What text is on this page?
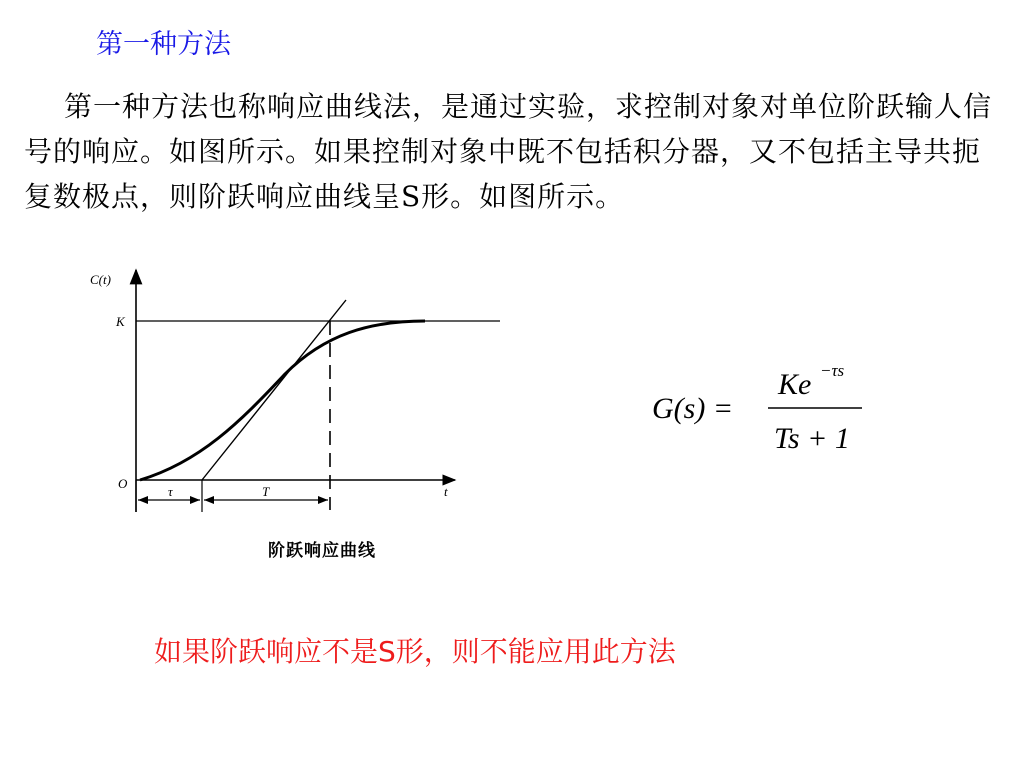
第一种方法
第一种方法也称响应曲线法，是通过实验，求控制对象对单位阶跃输人信号的响应。如图所示。如果控制对象中既不包括积分器，又不包括主导共扼复数极点，则阶跃响应曲线呈S形。如图所示。
C(t)
K
O
t
τ	T
阶跃响应曲线
G(s) =
Ke −τs
Ts + 1
如果阶跃响应不是S形，则不能应用此方法
